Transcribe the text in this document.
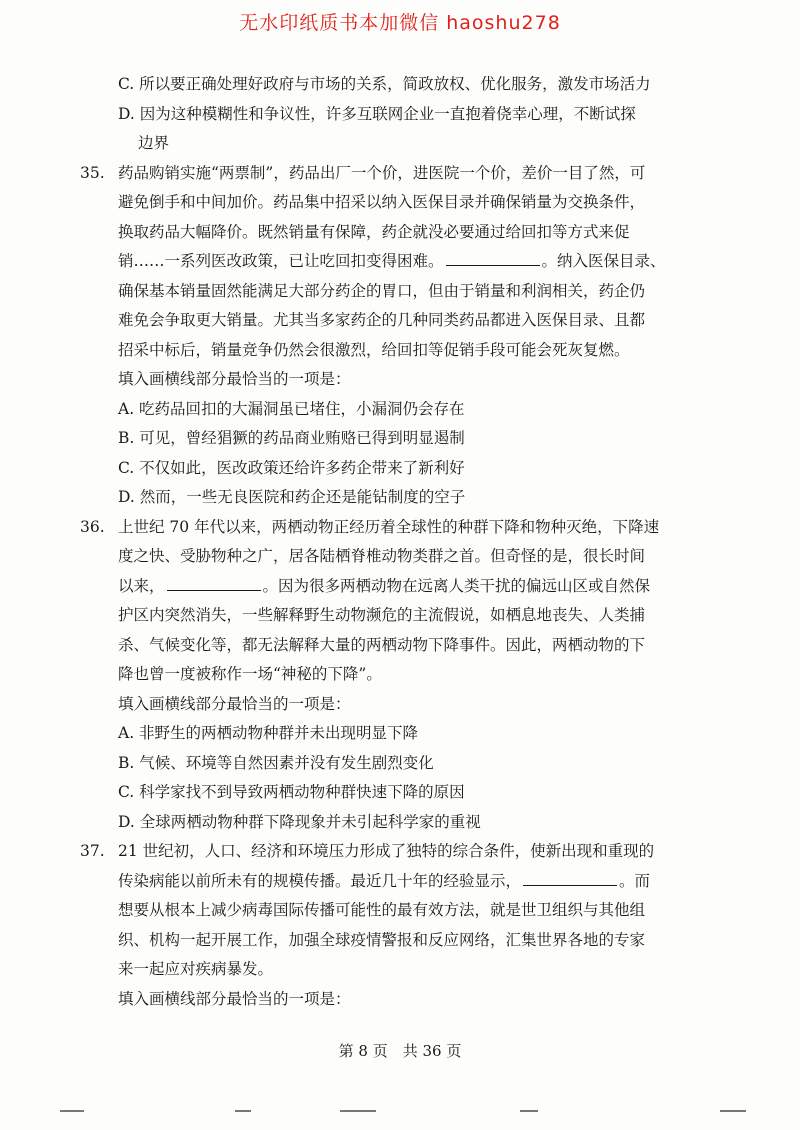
无水印纸质书本加微信 haoshu278
C. 所以要正确处理好政府与市场的关系，简政放权、优化服务，激发市场活力
D. 因为这种模糊性和争议性，许多互联网企业一直抱着侥幸心理，不断试探
边界
35. 药品购销实施“两票制”，药品出厂一个价，进医院一个价，差价一目了然，可
避免倒手和中间加价。药品集中招采以纳入医保目录并确保销量为交换条件，
换取药品大幅降价。既然销量有保障，药企就没必要通过给回扣等方式来促
销……一系列医改政策，已让吃回扣变得困难。	。纳入医保目录、
确保基本销量固然能满足大部分药企的胃口，但由于销量和利润相关，药企仍
难免会争取更大销量。尤其当多家药企的几种同类药品都进入医保目录、且都
招采中标后，销量竞争仍然会很激烈，给回扣等促销手段可能会死灰复燃。
填入画横线部分最恰当的一项是：
A. 吃药品回扣的大漏洞虽已堵住，小漏洞仍会存在
B. 可见，曾经猖獗的药品商业贿赂已得到明显遏制
C. 不仅如此，医改政策还给许多药企带来了新利好
D. 然而，一些无良医院和药企还是能钻制度的空子
36. 上世纪 70 年代以来，两栖动物正经历着全球性的种群下降和物种灭绝，下降速
度之快、受胁物种之广，居各陆栖脊椎动物类群之首。但奇怪的是，很长时间
以来，	。因为很多两栖动物在远离人类干扰的偏远山区或自然保
护区内突然消失，一些解释野生动物濒危的主流假说，如栖息地丧失、人类捕
杀、气候变化等，都无法解释大量的两栖动物下降事件。因此，两栖动物的下
降也曾一度被称作一场“神秘的下降”。
填入画横线部分最恰当的一项是：
A. 非野生的两栖动物种群并未出现明显下降
B. 气候、环境等自然因素并没有发生剧烈变化
C. 科学家找不到导致两栖动物种群快速下降的原因
D. 全球两栖动物种群下降现象并未引起科学家的重视
37. 21 世纪初，人口、经济和环境压力形成了独特的综合条件，使新出现和重现的
传染病能以前所未有的规模传播。最近几十年的经验显示，	。而
想要从根本上减少病毒国际传播可能性的最有效方法，就是世卫组织与其他组
织、机构一起开展工作，加强全球疫情警报和反应网络，汇集世界各地的专家
来一起应对疾病暴发。
填入画横线部分最恰当的一项是：
第 8 页　共 36 页
